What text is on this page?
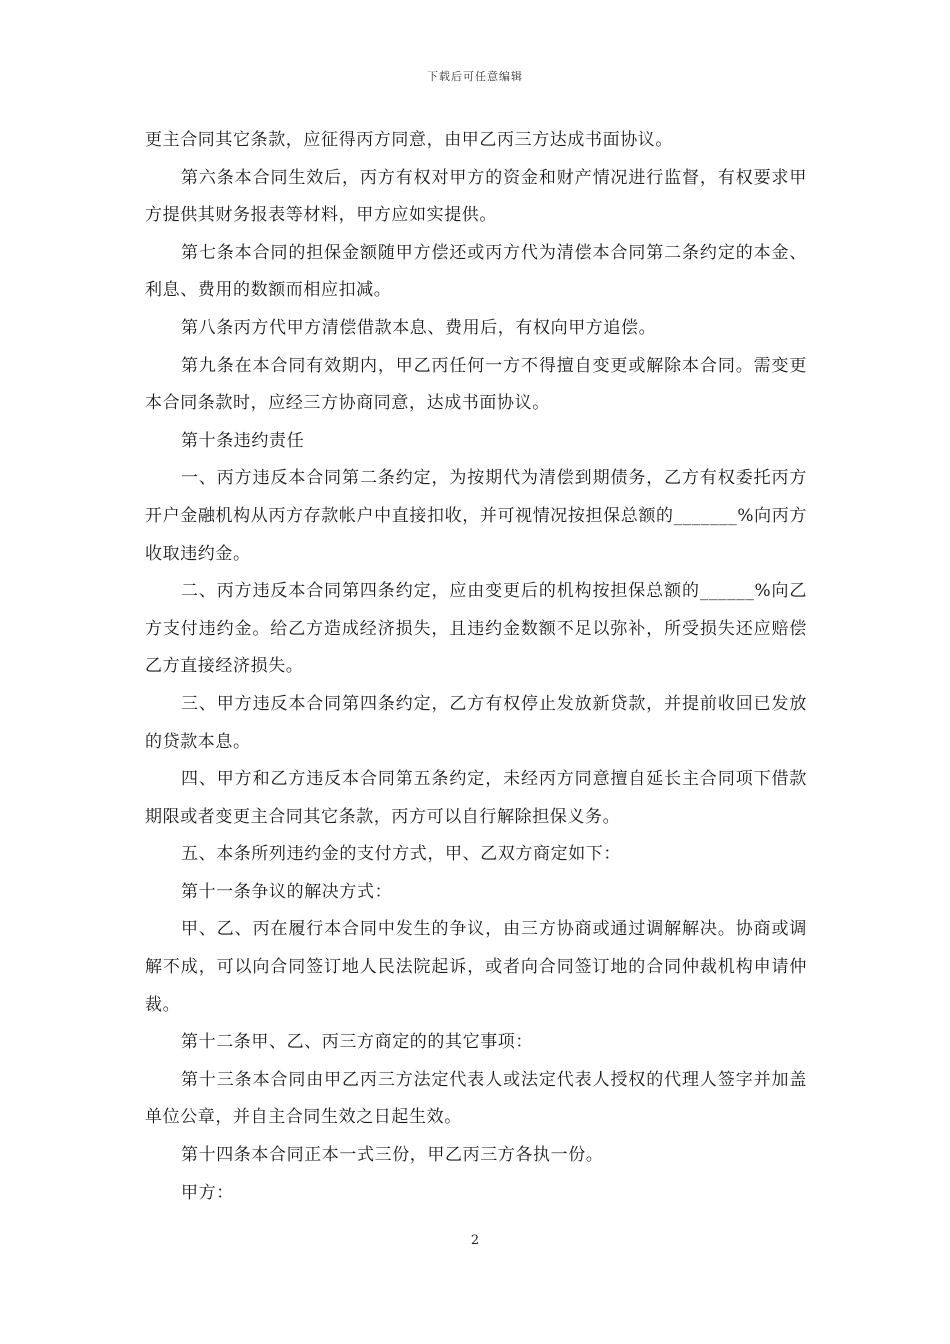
下载后可任意编辑

更主合同其它条款，应征得丙方同意，由甲乙丙三方达成书面协议。

第六条本合同生效后，丙方有权对甲方的资金和财产情况进行监督，有权要求甲方提供其财务报表等材料，甲方应如实提供。

第七条本合同的担保金额随甲方偿还或丙方代为清偿本合同第二条约定的本金、利息、费用的数额而相应扣减。

第八条丙方代甲方清偿借款本息、费用后，有权向甲方追偿。

第九条在本合同有效期内，甲乙丙任何一方不得擅自变更或解除本合同。需变更本合同条款时，应经三方协商同意，达成书面协议。

第十条违约责任

一、丙方违反本合同第二条约定，为按期代为清偿到期债务，乙方有权委托丙方开户金融机构从丙方存款帐户中直接扣收，并可视情况按担保总额的_______%向丙方收取违约金。

二、丙方违反本合同第四条约定，应由变更后的机构按担保总额的______%向乙方支付违约金。给乙方造成经济损失，且违约金数额不足以弥补，所受损失还应赔偿乙方直接经济损失。

三、甲方违反本合同第四条约定，乙方有权停止发放新贷款，并提前收回已发放的贷款本息。

四、甲方和乙方违反本合同第五条约定，未经丙方同意擅自延长主合同项下借款期限或者变更主合同其它条款，丙方可以自行解除担保义务。

五、本条所列违约金的支付方式，甲、乙双方商定如下：

第十一条争议的解决方式：

甲、乙、丙在履行本合同中发生的争议，由三方协商或通过调解解决。协商或调解不成，可以向合同签订地人民法院起诉，或者向合同签订地的合同仲裁机构申请仲裁。

第十二条甲、乙、丙三方商定的的其它事项：

第十三条本合同由甲乙丙三方法定代表人或法定代表人授权的代理人签字并加盖单位公章，并自主合同生效之日起生效。

第十四条本合同正本一式三份，甲乙丙三方各执一份。

甲方：

2
